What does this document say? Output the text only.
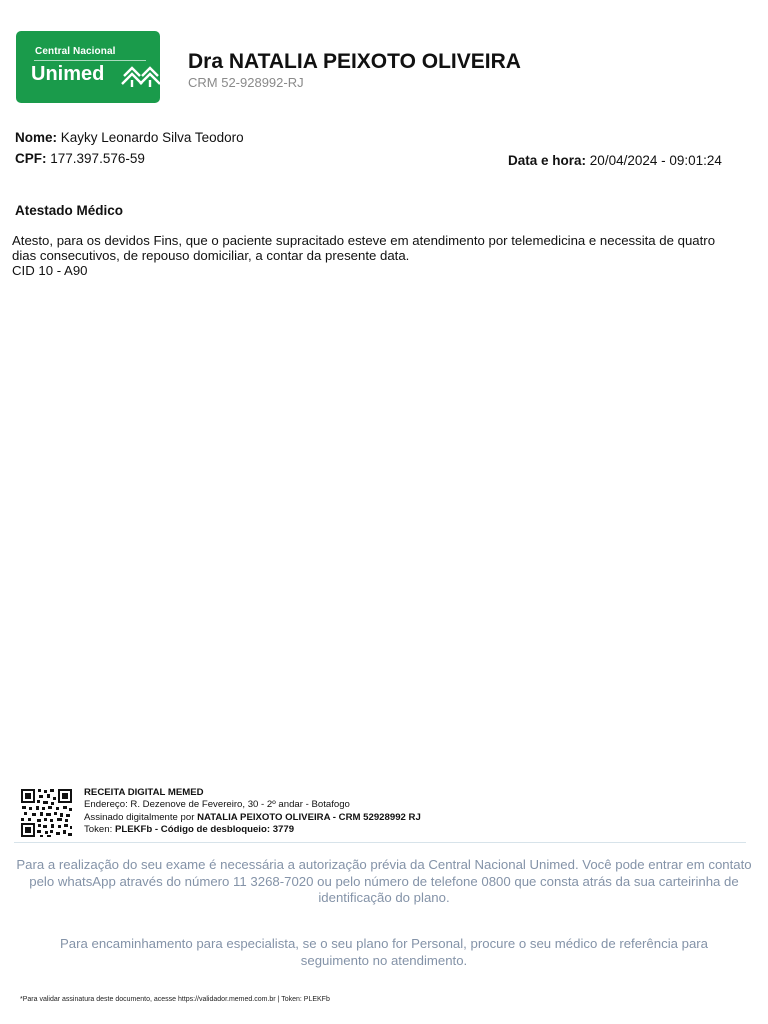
Central Nacional
Unimed
Dra NATALIA PEIXOTO OLIVEIRA
CRM 52-928992-RJ
Nome: Kayky Leonardo Silva Teodoro
CPF: 177.397.576-59	Data e hora: 20/04/2024 - 09:01:24
Atestado Médico
Atesto, para os devidos Fins, que o paciente supracitado esteve em atendimento por telemedicina e necessita de quatro
dias consecutivos, de repouso domiciliar, a contar da presente data.
CID 10 - A90
RECEITA DIGITAL MEMED
Endereço: R. Dezenove de Fevereiro, 30 - 2º andar - Botafogo
Assinado digitalmente por NATALIA PEIXOTO OLIVEIRA - CRM 52928992 RJ
Token: PLEKFb - Código de desbloqueio: 3779
Para a realização do seu exame é necessária a autorização prévia da Central Nacional Unimed. Você pode entrar em contato pelo whatsApp através do número 11 3268-7020 ou pelo número de telefone 0800 que consta atrás da sua carteirinha de identificação do plano.
Para encaminhamento para especialista, se o seu plano for Personal, procure o seu médico de referência para seguimento no atendimento.
*Para validar assinatura deste documento, acesse https://validador.memed.com.br | Token: PLEKFb
